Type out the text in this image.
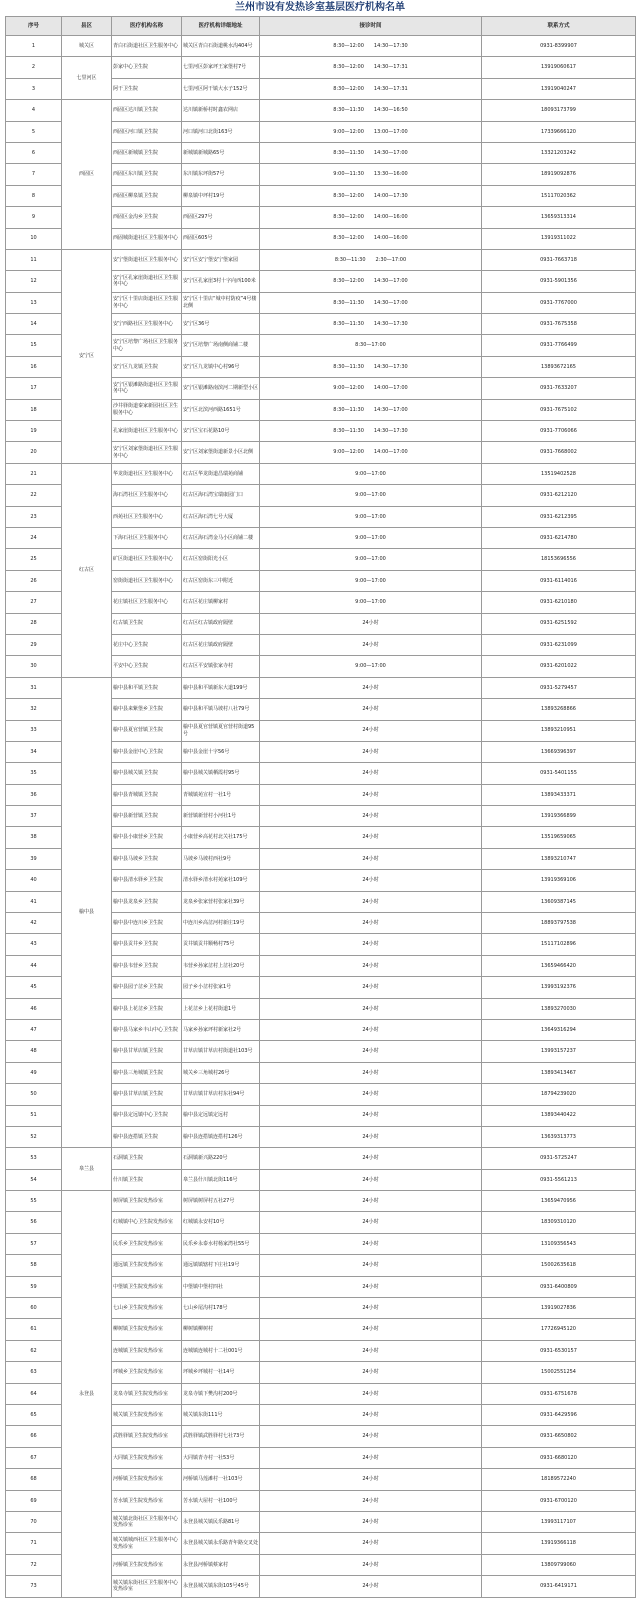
兰州市设有发热诊室基层医疗机构名单
序号	县区	医疗机构名称	医疗机构详细地址	接诊时间	联系方式
1	城关区	青白石街道社区卫生服务中心	城关区青白石街道桃水沟404号	8:30—12:00　　14:30—17:30	0931-8399907
2	七里河区	彭家中心卫生院	七里河区彭家坪王家堡村7号	8:30—12:00　　14:30—17:31	13919060617
3		阿干卫生院	七里河区阿干镇大水子152号	8:30—12:00　　14:30—17:31	13919040247
4	西固区	西固区达川镇卫生院	达川镇新桥村时鑫农网店	8:30—11:30　　14:30—16:50	18093173799
5		西固区河口镇卫生院	河口镇河口北街163号	9:00—12:00　　13:00—17:00	17339666120
6		西固区新城镇卫生院	新城镇新城路65号	8:30—11:30　　14:30—17:00	13321203242
7		西固区东川镇卫生院	东川镇东坪街57号	9:00—11:30　　13:30—16:00	18919092876
8		西固区柳泉镇卫生院	柳泉镇中坪村19号	8:30—12:00　　14:00—17:30	15117020362
9		西固区金沟乡卫生院	西固区297号	8:30—12:00　　14:00—16:00	13659313314
10		西固城街道社区卫生服务中心	西固区605号	8:30—12:00　　14:00—16:00	13919311022
11	安宁区	安宁堡街道社区卫生服务中心	安宁区安宁堡安宁堡家园	8:30—11:30　　2:30—17:00	0931-7663718
12		安宁区孔家崖街道社区卫生服务中心	安宁区孔家崖3村十字向西100米	8:30—12:00　　14:30—17:00	0931-5901356
13		安宁区十里店街道社区卫生服务中心	安宁区十里店“城中村防疫”4号楼北侧	8:30—11:30　　14:30—17:00	0931-7767000
14		安宁西路社区卫生服务中心	安宁区36号	8:30—11:30　　14:30—17:30	0931-7675358
15		安宁区培黎广场社区卫生服务中心	安宁区培黎广场南侧商铺二楼	8:30—17:00	0931-7766499
16		安宁区九龙镇卫生院	安宁区九龙镇中心村96号	8:30—11:30　　14:30—17:30	13893672165
17		安宁区银滩路街道社区卫生服务中心	安宁区银滩路南滨河二期新型小区	9:00—12:00　　14:00—17:00	0931-7633207
18		沙井驿街道秦家新园社区卫生服务中心	安宁区北滨河西路1651号	8:30—11:30　　14:30—17:00	0931-7675102
19		孔家崖街道社区卫生服务中心	安宁区宝石花路10号	8:30—11:30　　14:30—17:30	0931-7706066
20		安宁区刘家堡街道社区卫生服务中心	安宁区刘家堡街道新景小区北侧	9:00—12:00　　14:00—17:00	0931-7668002
21	红古区	华龙街道社区卫生服务中心	红古区华龙街道昌瑞苑商铺	9:00—17:00	13519402528
22		海石湾社区卫生服务中心	红古区海石湾宝瑞康园门口	9:00—17:00	0931-6212120
23		西苑社区卫生服务中心	红古区海石湾七号大厦	9:00—17:00	0931-6212395
24		下海石社区卫生服务中心	红古区海石湾金马小区商铺二楼	9:00—17:00	0931-6214780
25		矿区街道社区卫生服务中心	红古区窑街阳光小区	9:00—17:00	18153696556
26		窑街街道社区卫生服务中心	红古区窑街东三中附近	9:00—17:00	0931-6114016
27		花庄镇社区卫生服务中心	红古区花庄镇柳家村	9:00—17:00	0931-6210180
28		红古镇卫生院	红古区红古镇政府隔壁	24小时	0931-6251592
29		花庄中心卫生院	红古区花庄镇政府隔壁	24小时	0931-6231099
30		平安中心卫生院	红古区平安镇张家寺村	9:00—17:00	0931-6201022
31	榆中县	榆中县和平镇卫生院	榆中县和平镇新东大道199号	24小时	0931-5279457
32		榆中县来紫堡乡卫生院	榆中县和平镇马坡村八社79号	24小时	13893268866
33		榆中县夏官营镇卫生院	榆中县夏官营镇夏官营村街道95号	24小时	13893210951
34		榆中县金崖中心卫生院	榆中县金崖十字56号	24小时	13669396397
35		榆中县城关镇卫生院	榆中县城关镇栖霞村95号	24小时	0931-5401155
36		榆中县青城镇卫生院	青城镇苑宣村一社1号	24小时	13893433371
37		榆中县新营镇卫生院	新营镇新营村小河社1号	24小时	13919366899
38		榆中县小康营乡卫生院	小康营乡高花村北关社175号	24小时	13519659065
39		榆中县马坡乡卫生院	马坡乡马坡村西社9号	24小时	13893210747
40		榆中县清水驿乡卫生院	清水驿乡清水村苑家社109号	24小时	13919369106
41		榆中县龙泉乡卫生院	龙泉乡张家营村张家社39号	24小时	13609387145
42		榆中县中连川乡卫生院	中连川乡高岔河村新庄19号	24小时	18893797538
43		榆中县贡井乡卫生院	贡井镇贡井顺畅村75号	24小时	15117102896
44		榆中县韦营乡卫生院	韦营乡孙家岔村上岔社20号	24小时	13659466420
45		榆中县园子岔乡卫生院	园子乡小岔村张家1号	24小时	13993192376
46		榆中县上花岔乡卫生院	上花岔乡上花村街道1号	24小时	13893270030
47		榆中县马家乡丰山中心卫生院	马家乡孙家坪村新家社2号	24小时	13649316294
48		榆中县甘草店镇卫生院	甘草店镇甘草店村街道社103号	24小时	13993157237
49		榆中县三角城镇卫生院	城关乡三角城村26号	24小时	13893413467
50		榆中县甘草店镇卫生院	甘草店镇甘草店村东社94号	24小时	18794239020
51		榆中县定远镇中心卫生院	榆中县定远镇定远村	24小时	13893440422
52		榆中县连搭镇卫生院	榆中县连搭镇连搭村126号	24小时	13639313773
53	皋兰县	石洞镇卫生院	石洞镇新兴路220号	24小时	0931-5725247
54		什川镇卫生院	皋兰县什川镇北街116号	24小时	0931-5561213
55	永登县	树屏镇卫生院发热诊室	树屏镇树屏村五社27号	24小时	13659470956
56		红城镇中心卫生院发热诊室	红城镇永安村10号	24小时	18309310120
57		民乐乡卫生院发热诊室	民乐乡永泰水村杨家湾社55号	24小时	13109356543
58		通远镇卫生院发热诊室	通远镇镇辖村下庄社19号	24小时	15002635618
59		中堡镇卫生院发热诊室	中堡镇中堡村四社	24小时	0931-6400809
60		七山乡卫生院发热诊室	七山乡尾沟村178号	24小时	13919027836
61		柳树镇卫生院发热诊室	柳树镇柳树村	24小时	17726945120
62		连城镇卫生院发热诊室	连城镇连城村十二社001号	24小时	0931-6530157
63		坪城乡卫生院发热诊室	坪城乡坪城村一社14号	24小时	15002551254
64		龙泉寺镇卫生院发热诊室	龙泉寺镇下樊沟村200号	24小时	0931-6751678
65		城关镇卫生院发热诊室	城关镇东街111号	24小时	0931-6429596
66		武胜驿镇卫生院发热诊室	武胜驿镇武胜驿村七社73号	24小时	0931-6650802
67		大同镇卫生院发热诊室	大同镇青寺村一社53号	24小时	0931-6680120
68		河桥镇卫生院发热诊室	河桥镇马莲滩村一社103号	24小时	18189572240
69		苦水镇卫生院发热诊室	苦水镇大屋村一社100号	24小时	0931-6700120
70		城关镇北街社区卫生服务中心发热诊室	永登县城关镇民乐路81号	24小时	13993117107
71		城关镇城西社区卫生服务中心发热诊室	永登县城关镇永乐路青年路交叉处	24小时	13919366118
72		河桥镇卫生院发热诊室	永登县河桥镇蔡家村	24小时	13809799060
73		城关镇东街社区卫生服务中心发热诊室	永登县城关镇东街105号45号	24小时	0931-6419171
